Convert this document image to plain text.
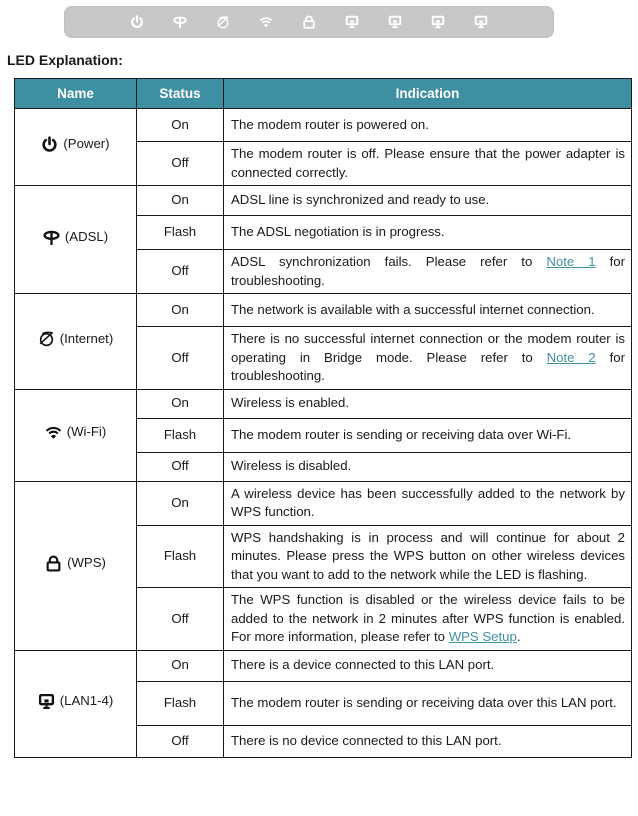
LED Explanation:
Name	Status	Indication

(Power)	On	The modem router is powered on.
	Off	The modem router is off. Please ensure that the power adapter is connected correctly.

(ADSL)	On	ADSL line is synchronized and ready to use.
	Flash	The ADSL negotiation is in progress.
	Off	ADSL synchronization fails. Please refer to Note 1 for troubleshooting.

(Internet)	On	The network is available with a successful internet connection.
	Off	There is no successful internet connection or the modem router is operating in Bridge mode. Please refer to Note 2 for troubleshooting.

(Wi-Fi)	On	Wireless is enabled.
	Flash	The modem router is sending or receiving data over Wi-Fi.
	Off	Wireless is disabled.

(WPS)	On	A wireless device has been successfully added to the network by WPS function.
	Flash	WPS handshaking is in process and will continue for about 2 minutes. Please press the WPS button on other wireless devices that you want to add to the network while the LED is flashing.
	Off	The WPS function is disabled or the wireless device fails to be added to the network in 2 minutes after WPS function is enabled. For more information, please refer to WPS Setup.

(LAN1-4)	On	There is a device connected to this LAN port.
	Flash	The modem router is sending or receiving data over this LAN port.
	Off	There is no device connected to this LAN port.
